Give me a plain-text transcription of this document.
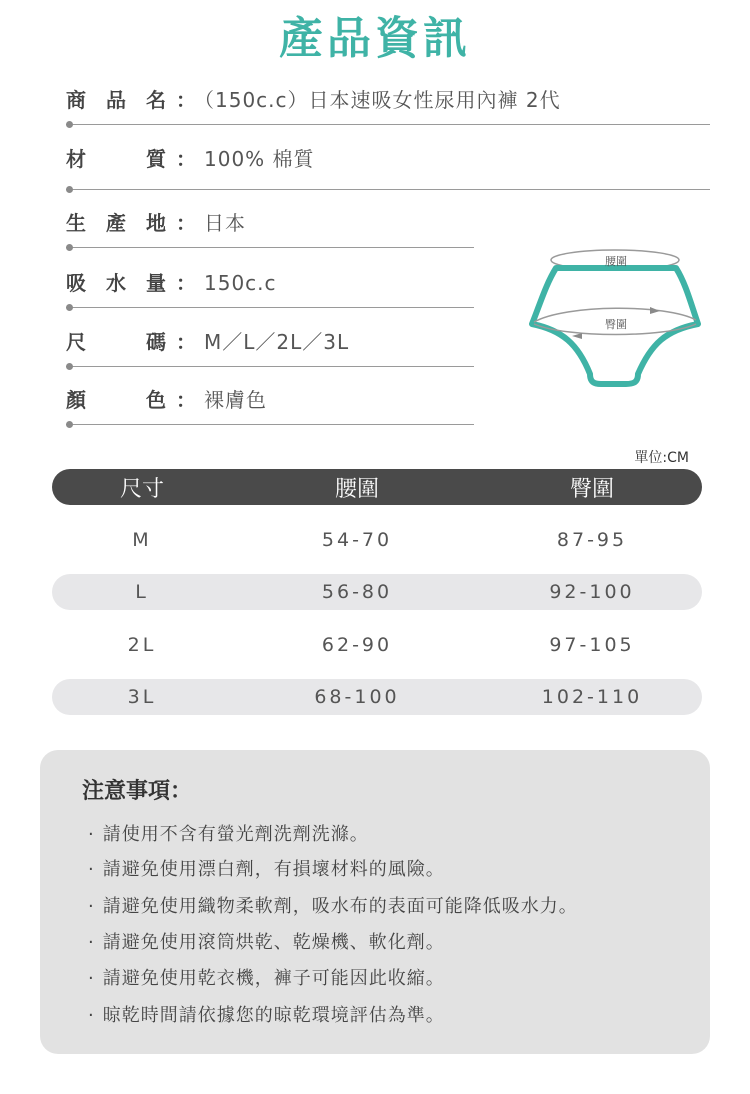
產品資訊
商品名 ： （150c.c）日本速吸女性尿用內褲 2代
材質 ： 100% 棉質
生產地 ： 日本
吸水量 ： 150c.c
尺碼 ： M／L／2L／3L
顏色 ： 裸膚色
腰圍
臀圍
單位:CM
尺寸	腰圍	臀圍
M	54-70	87-95
L	56-80	92-100
2L	62-90	97-105
3L	68-100	102-110
注意事項：
· 請使用不含有螢光劑洗劑洗滌。
· 請避免使用漂白劑，有損壞材料的風險。
· 請避免使用織物柔軟劑，吸水布的表面可能降低吸水力。
· 請避免使用滾筒烘乾、乾燥機、軟化劑。
· 請避免使用乾衣機，褲子可能因此收縮。
· 晾乾時間請依據您的晾乾環境評估為準。
